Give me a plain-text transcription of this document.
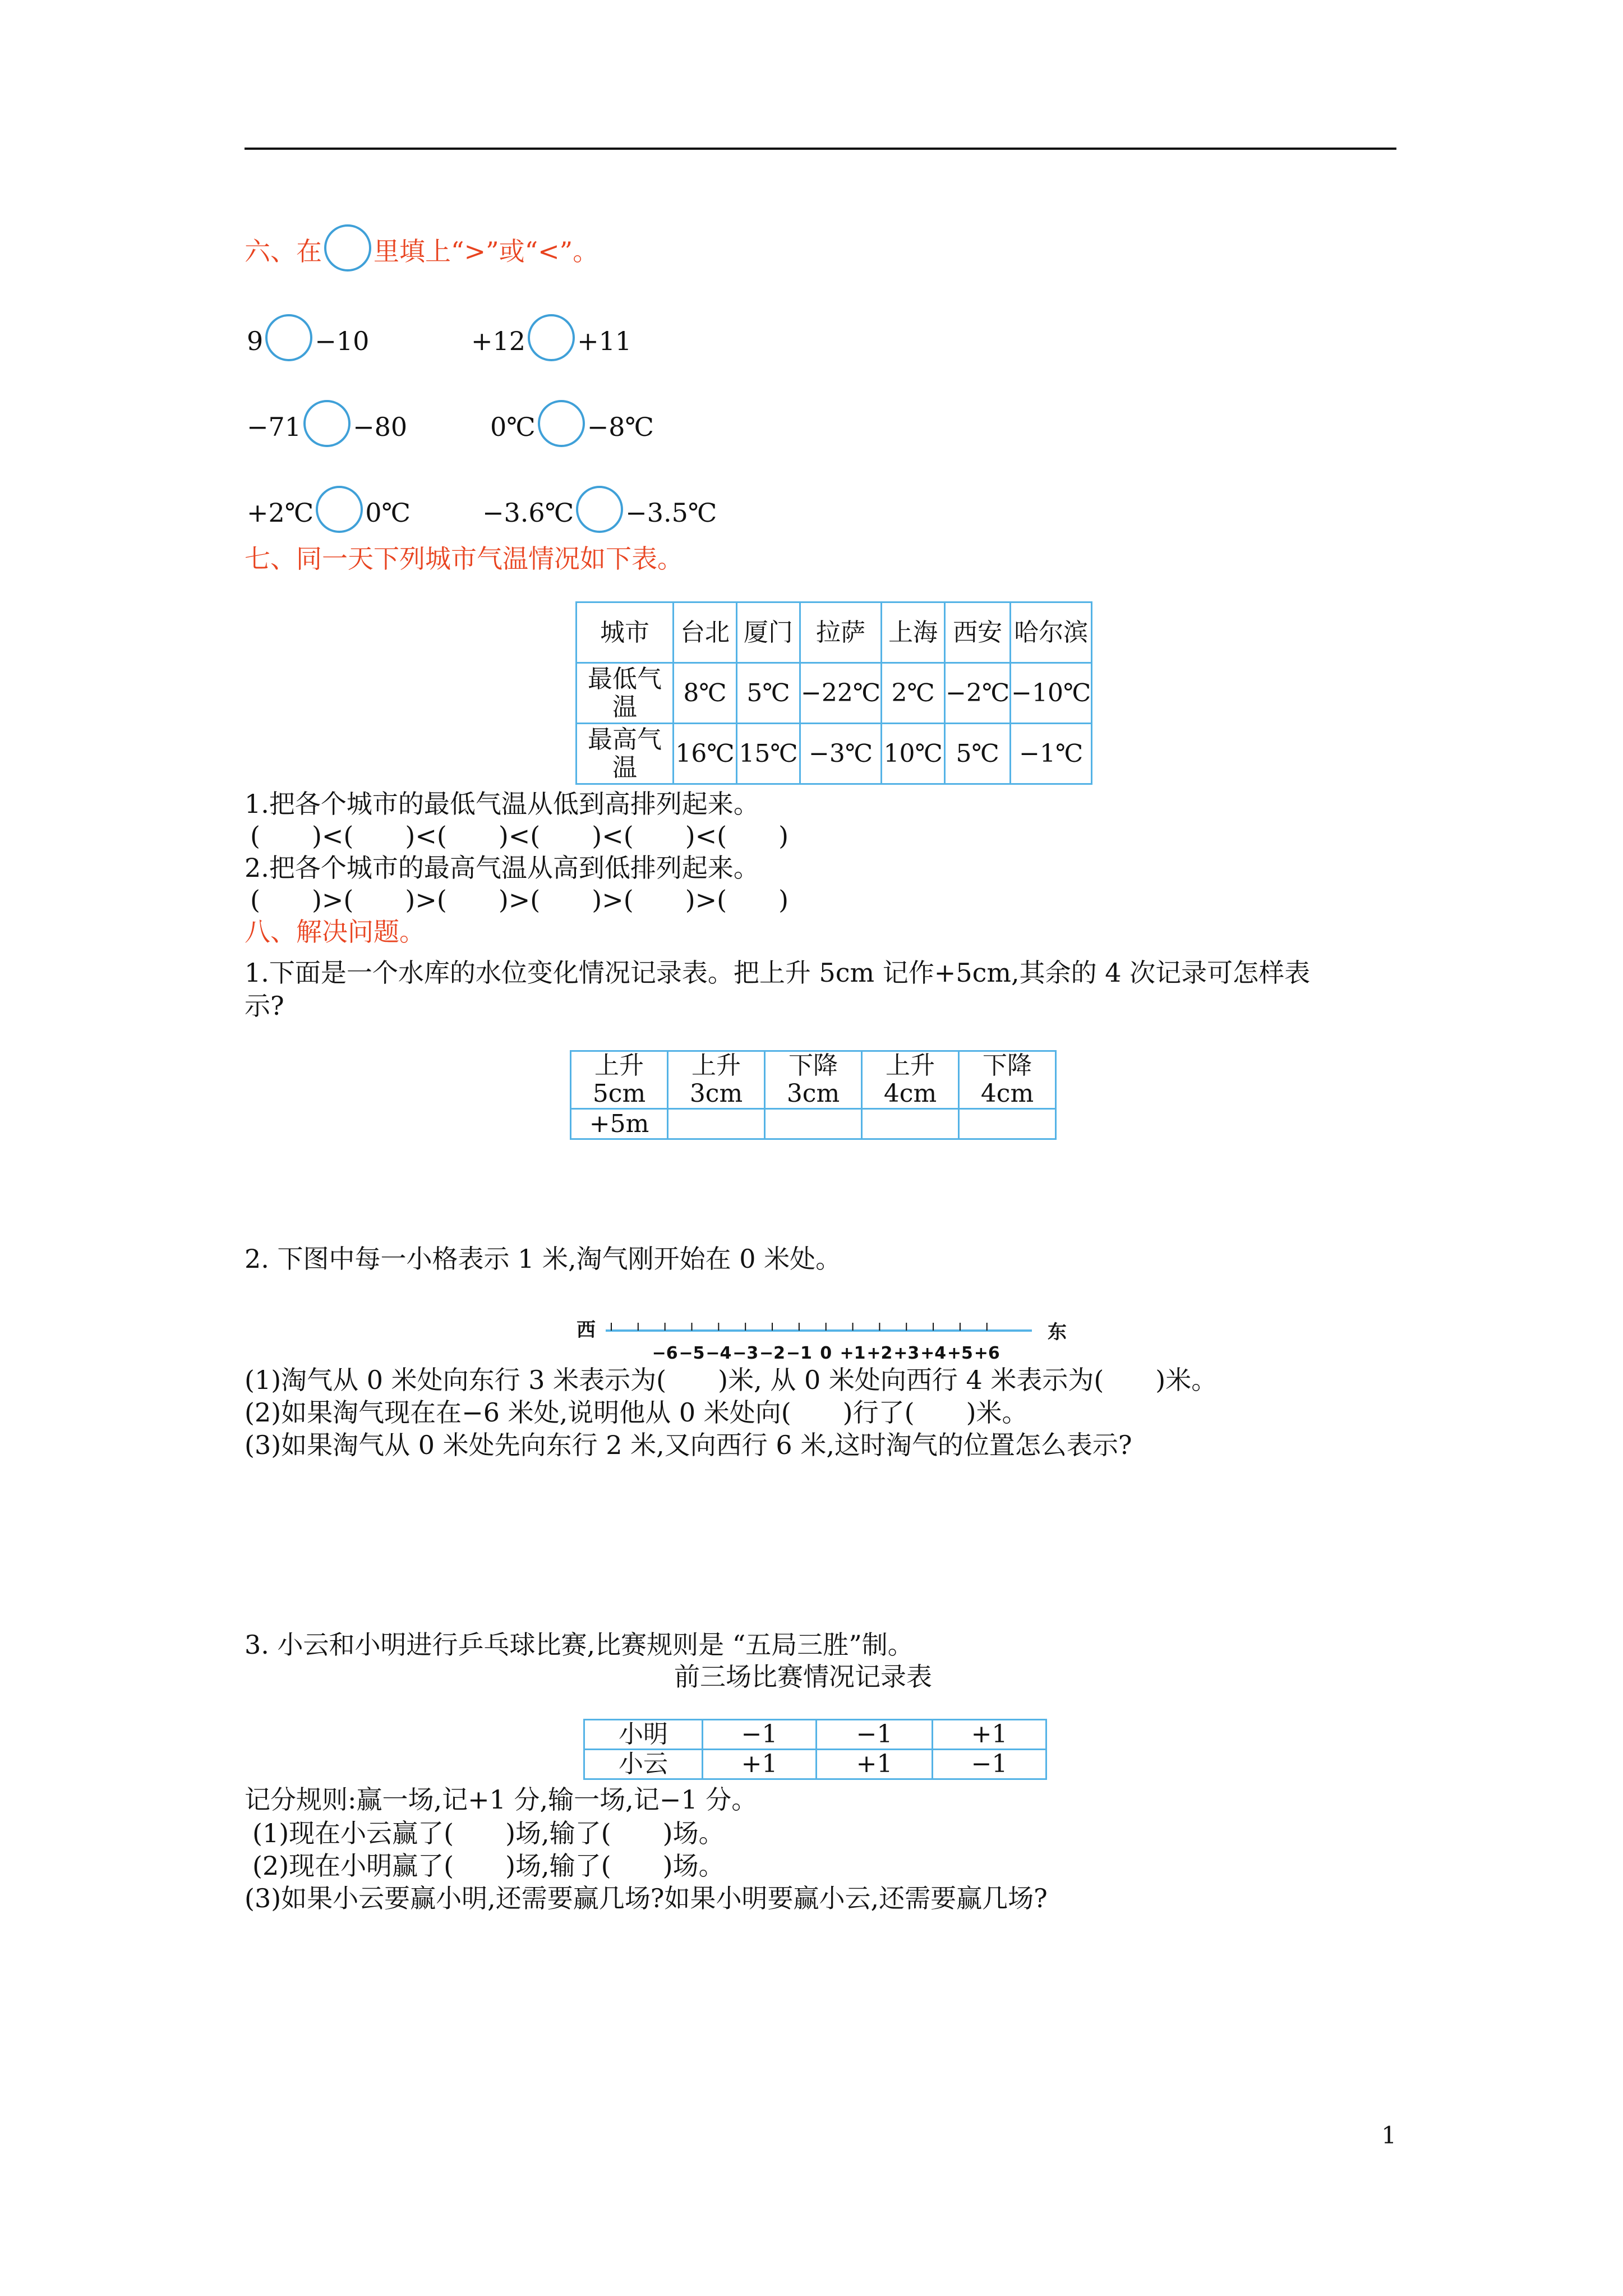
六、在 里填上“>”或“<”。
9 −10	+12 +11
−71 −80	0℃ −8℃
+2℃ 0℃	−3.6℃ −3.5℃
七、同一天下列城市气温情况如下表。
城市	台北	厦门	拉萨	上海	西安	哈尔滨
最低气温	8℃	5℃	−22℃	2℃	−2℃	−10℃
最高气温	16℃	15℃	−3℃	10℃	5℃	−1℃
1.把各个城市的最低气温从低到高排列起来。
(　　)<(　　)<(　　)<(　　)<(　　)<(　　)
2.把各个城市的最高气温从高到低排列起来。
(　　)>(　　)>(　　)>(　　)>(　　)>(　　)
八、解决问题。
1.下面是一个水库的水位变化情况记录表。把上升 5cm 记作+5cm,其余的 4 次记录可怎样表
示?
上升	上升	下降	上升	下降
5cm	3cm	3cm	4cm	4cm
+5m				
2. 下图中每一小格表示 1 米,淘气刚开始在 0 米处。
西
−6 −5 −4 −3 −2 −1 0 +1 +2 +3 +4 +5 +6
东
(1)淘气从 0 米处向东行 3 米表示为(　　)米, 从 0 米处向西行 4 米表示为(　　)米。
(2)如果淘气现在在−6 米处,说明他从 0 米处向(　　)行了(　　)米。
(3)如果淘气从 0 米处先向东行 2 米,又向西行 6 米,这时淘气的位置怎么表示?
3. 小云和小明进行乒乓球比赛,比赛规则是 “五局三胜”制。
前三场比赛情况记录表
小明	−1	−1	+1
小云	+1	+1	−1
记分规则:赢一场,记+1 分,输一场,记−1 分。
(1)现在小云赢了(　　)场,输了(　　)场。
(2)现在小明赢了(　　)场,输了(　　)场。
(3)如果小云要赢小明,还需要赢几场?如果小明要赢小云,还需要赢几场?
1
